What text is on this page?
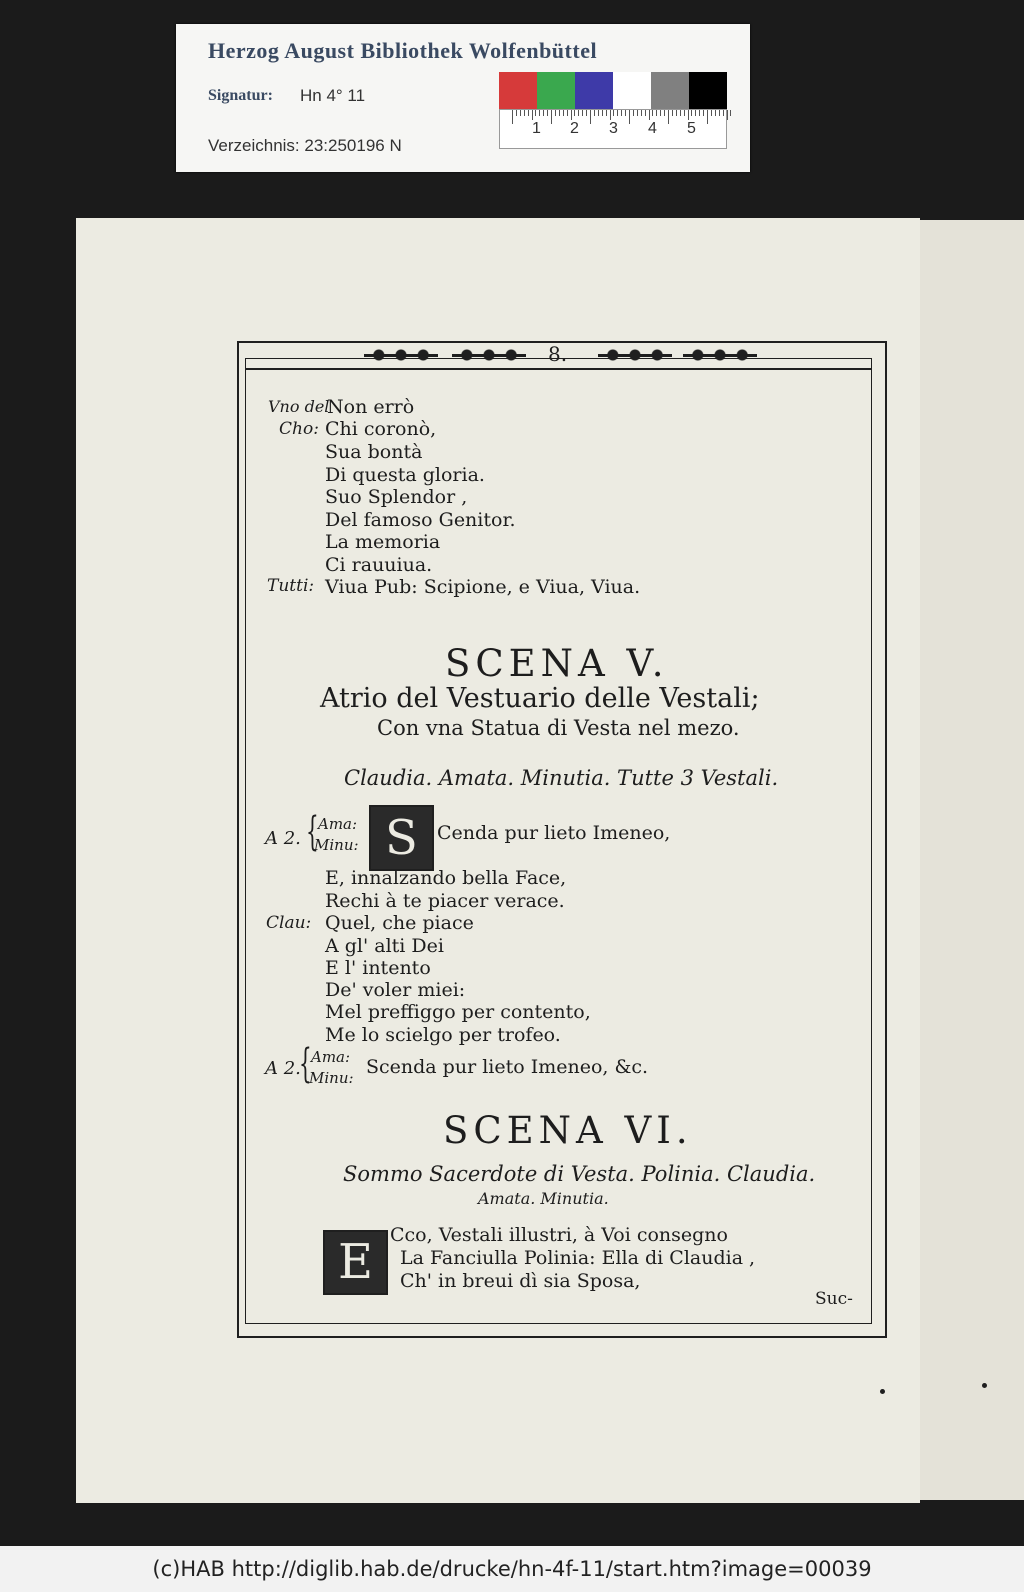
Herzog August Bibliothek Wolfenbüttel
Signatur: Hn 4° 11
Verzeichnis: 23:250196 N
1 2 3 4 5
8.
Vno del
Non errò
Cho: Chi coronò,
Sua bontà
Di questa gloria.
Suo Splendor ,
Del famoso Genitor.
La memoria
Ci rauuiua.
Tutti: Viua Pub: Scipione, e Viua, Viua.
SCENA V.
Atrio del Vestuario delle Vestali;
Con vna Statua di Vesta nel mezo.
Claudia. Amata. Minutia. Tutte 3 Vestali.
A 2. { Ama:
Minu: S	Cenda pur lieto Imeneo,
E, innalzando bella Face,
Rechi à te piacer verace.
Clau: Quel, che piace
A gl' alti Dei
E l' intento
De' voler miei:
Mel preffiggo per contento,
Me lo scielgo per trofeo.
A 2.
{ Ama:
Minu: Scenda pur lieto Imeneo, &c.
SCENA VI.
Sommo Sacerdote di Vesta. Polinia. Claudia.
Amata. Minutia.
E Cco, Vestali illustri, à Voi consegno
La Fanciulla Polinia: Ella di Claudia ,
Ch' in breui dì sia Sposa,
Suc-
(c)HAB http://diglib.hab.de/drucke/hn-4f-11/start.htm?image=00039
